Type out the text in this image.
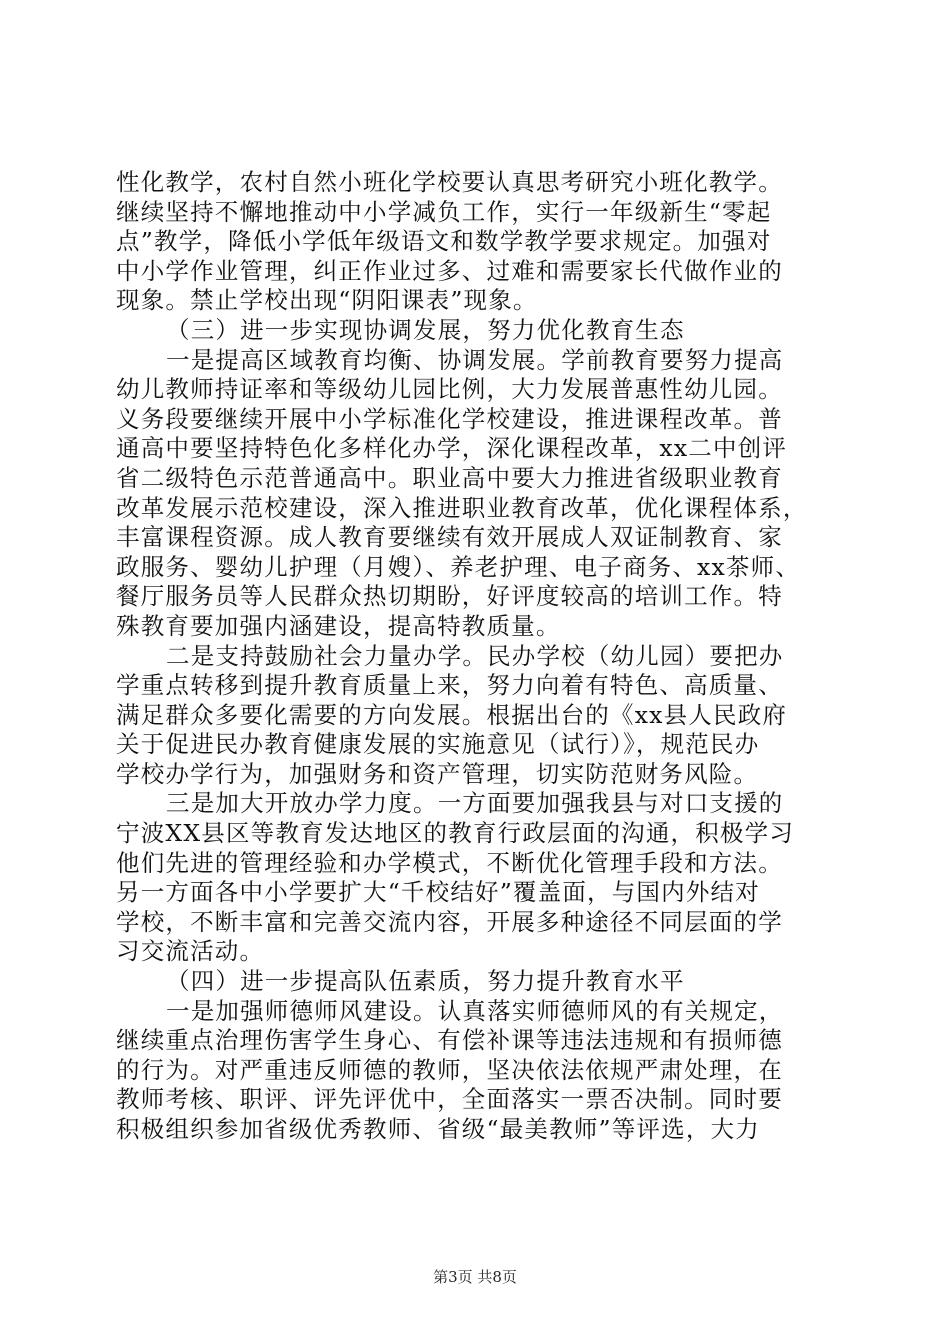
性化教学，农村自然小班化学校要认真思考研究小班化教学。
继续坚持不懈地推动中小学减负工作，实行一年级新生“零起
点”教学，降低小学低年级语文和数学教学要求规定。加强对
中小学作业管理，纠正作业过多、过难和需要家长代做作业的
现象。禁止学校出现“阴阳课表”现象。
（三）进一步实现协调发展，努力优化教育生态
一是提高区域教育均衡、协调发展。学前教育要努力提高
幼儿教师持证率和等级幼儿园比例，大力发展普惠性幼儿园。
义务段要继续开展中小学标准化学校建设，推进课程改革。普
通高中要坚持特色化多样化办学，深化课程改革，xx二中创评
省二级特色示范普通高中。职业高中要大力推进省级职业教育
改革发展示范校建设，深入推进职业教育改革，优化课程体系，
丰富课程资源。成人教育要继续有效开展成人双证制教育、家
政服务、婴幼儿护理（月嫂）、养老护理、电子商务、xx茶师、
餐厅服务员等人民群众热切期盼，好评度较高的培训工作。特
殊教育要加强内涵建设，提高特教质量。
二是支持鼓励社会力量办学。民办学校（幼儿园）要把办
学重点转移到提升教育质量上来，努力向着有特色、高质量、
满足群众多要化需要的方向发展。根据出台的《xx县人民政府
关于促进民办教育健康发展的实施意见（试行）》，规范民办
学校办学行为，加强财务和资产管理，切实防范财务风险。
三是加大开放办学力度。一方面要加强我县与对口支援的
宁波XX县区等教育发达地区的教育行政层面的沟通，积极学习
他们先进的管理经验和办学模式，不断优化管理手段和方法。
另一方面各中小学要扩大“千校结好”覆盖面，与国内外结对
学校，不断丰富和完善交流内容，开展多种途径不同层面的学
习交流活动。
（四）进一步提高队伍素质，努力提升教育水平
一是加强师德师风建设。认真落实师德师风的有关规定，
继续重点治理伤害学生身心、有偿补课等违法违规和有损师德
的行为。对严重违反师德的教师，坚决依法依规严肃处理，在
教师考核、职评、评先评优中，全面落实一票否决制。同时要
积极组织参加省级优秀教师、省级“最美教师”等评选，大力
第3页 共8页
